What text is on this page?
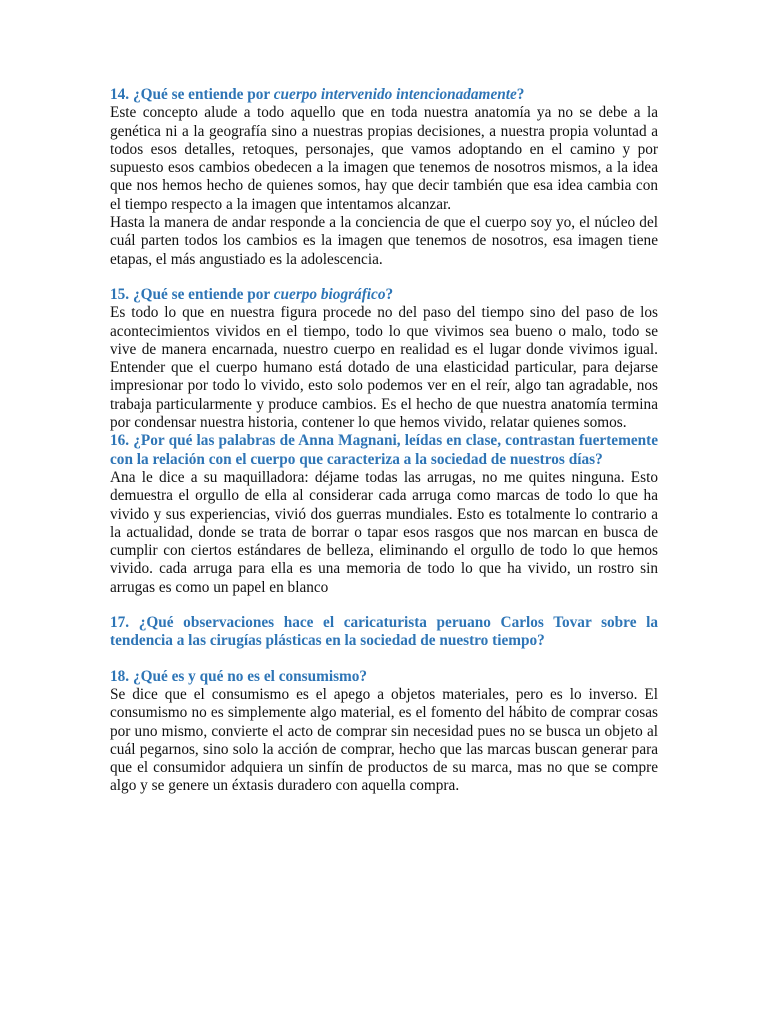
14. ¿Qué se entiende por cuerpo intervenido intencionadamente?

Este concepto alude a todo aquello que en toda nuestra anatomía ya no se debe a la genética ni a la geografía sino a nuestras propias decisiones, a nuestra propia voluntad a todos esos detalles, retoques, personajes, que vamos adoptando en el camino y por supuesto esos cambios obedecen a la imagen que tenemos de nosotros mismos, a la idea que nos hemos hecho de quienes somos, hay que decir también que esa idea cambia con el tiempo respecto a la imagen que intentamos alcanzar.

Hasta la manera de andar responde a la conciencia de que el cuerpo soy yo, el núcleo del cuál parten todos los cambios es la imagen que tenemos de nosotros, esa imagen tiene etapas, el más angustiado es la adolescencia.

15. ¿Qué se entiende por cuerpo biográfico?

Es todo lo que en nuestra figura procede no del paso del tiempo sino del paso de los acontecimientos vividos en el tiempo, todo lo que vivimos sea bueno o malo, todo se vive de manera encarnada, nuestro cuerpo en realidad es el lugar donde vivimos igual. Entender que el cuerpo humano está dotado de una elasticidad particular, para dejarse impresionar por todo lo vivido, esto solo podemos ver en el reír, algo tan agradable, nos trabaja particularmente y produce cambios. Es el hecho de que nuestra anatomía termina por condensar nuestra historia, contener lo que hemos vivido, relatar quienes somos.

16. ¿Por qué las palabras de Anna Magnani, leídas en clase, contrastan fuertemente con la relación con el cuerpo que caracteriza a la sociedad de nuestros días?

Ana le dice a su maquilladora: déjame todas las arrugas, no me quites ninguna. Esto demuestra el orgullo de ella al considerar cada arruga como marcas de todo lo que ha vivido y sus experiencias, vivió dos guerras mundiales. Esto es totalmente lo contrario a la actualidad, donde se trata de borrar o tapar esos rasgos que nos marcan en busca de cumplir con ciertos estándares de belleza, eliminando el orgullo de todo lo que hemos vivido. cada arruga para ella es una memoria de todo lo que ha vivido, un rostro sin arrugas es como un papel en blanco

17. ¿Qué observaciones hace el caricaturista peruano Carlos Tovar sobre la tendencia a las cirugías plásticas en la sociedad de nuestro tiempo?

18. ¿Qué es y qué no es el consumismo?

Se dice que el consumismo es el apego a objetos materiales, pero es lo inverso. El consumismo no es simplemente algo material, es el fomento del hábito de comprar cosas por uno mismo, convierte el acto de comprar sin necesidad pues no se busca un objeto al cuál pegarnos, sino solo la acción de comprar, hecho que las marcas buscan generar para que el consumidor adquiera un sinfín de productos de su marca, mas no que se compre algo y se genere un éxtasis duradero con aquella compra.
